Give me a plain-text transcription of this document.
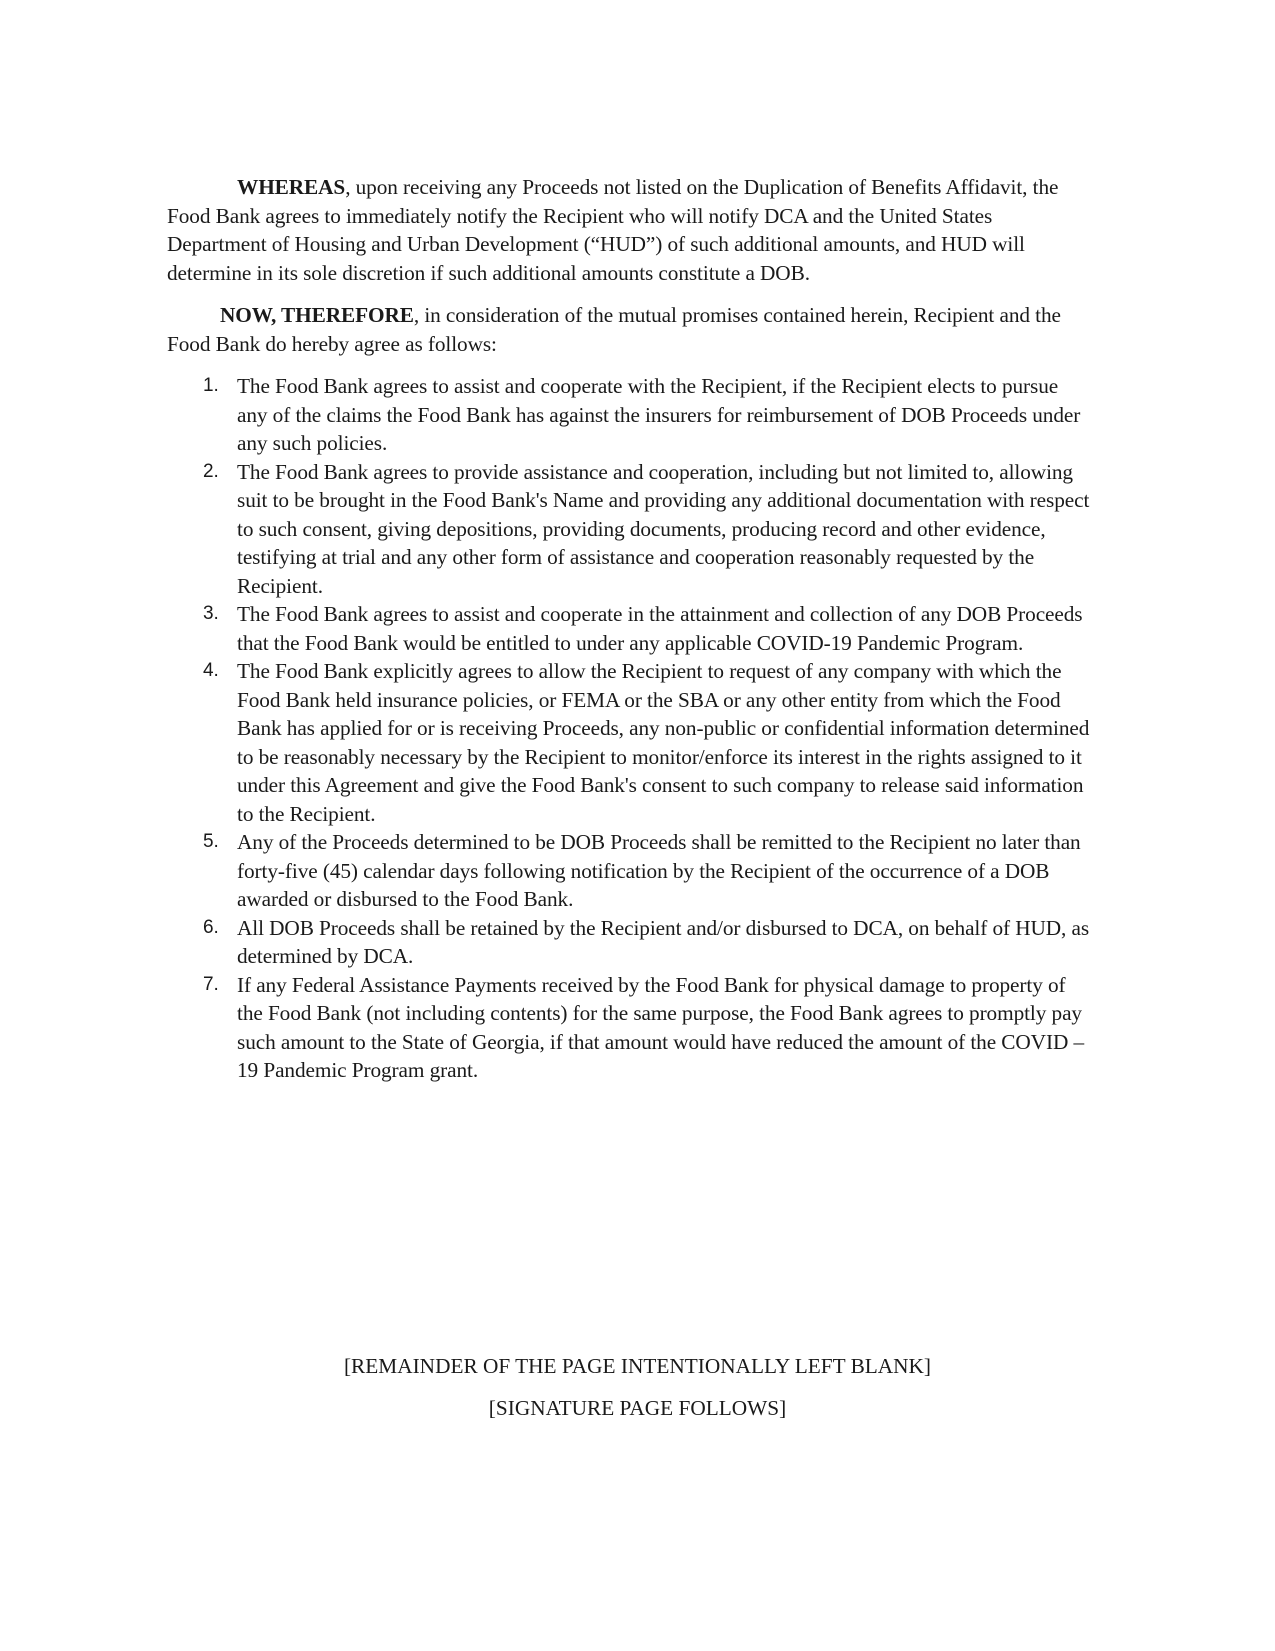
WHEREAS, upon receiving any Proceeds not listed on the Duplication of Benefits Affidavit, the Food Bank agrees to immediately notify the Recipient who will notify DCA and the United States Department of Housing and Urban Development (“HUD”) of such additional amounts, and HUD will determine in its sole discretion if such additional amounts constitute a DOB.

NOW, THEREFORE, in consideration of the mutual promises contained herein, Recipient and the Food Bank do hereby agree as follows:

1. The Food Bank agrees to assist and cooperate with the Recipient, if the Recipient elects to pursue any of the claims the Food Bank has against the insurers for reimbursement of DOB Proceeds under any such policies.
2. The Food Bank agrees to provide assistance and cooperation, including but not limited to, allowing suit to be brought in the Food Bank's Name and providing any additional documentation with respect to such consent, giving depositions, providing documents, producing record and other evidence, testifying at trial and any other form of assistance and cooperation reasonably requested by the Recipient.
3. The Food Bank agrees to assist and cooperate in the attainment and collection of any DOB Proceeds that the Food Bank would be entitled to under any applicable COVID-19 Pandemic Program.
4. The Food Bank explicitly agrees to allow the Recipient to request of any company with which the Food Bank held insurance policies, or FEMA or the SBA or any other entity from which the Food Bank has applied for or is receiving Proceeds, any non-public or confidential information determined to be reasonably necessary by the Recipient to monitor/enforce its interest in the rights assigned to it under this Agreement and give the Food Bank's consent to such company to release said information to the Recipient.
5. Any of the Proceeds determined to be DOB Proceeds shall be remitted to the Recipient no later than forty-five (45) calendar days following notification by the Recipient of the occurrence of a DOB awarded or disbursed to the Food Bank.
6. All DOB Proceeds shall be retained by the Recipient and/or disbursed to DCA, on behalf of HUD, as determined by DCA.
7. If any Federal Assistance Payments received by the Food Bank for physical damage to property of the Food Bank (not including contents) for the same purpose, the Food Bank agrees to promptly pay such amount to the State of Georgia, if that amount would have reduced the amount of the COVID – 19 Pandemic Program grant.
[REMAINDER OF THE PAGE INTENTIONALLY LEFT BLANK]
[SIGNATURE PAGE FOLLOWS]
